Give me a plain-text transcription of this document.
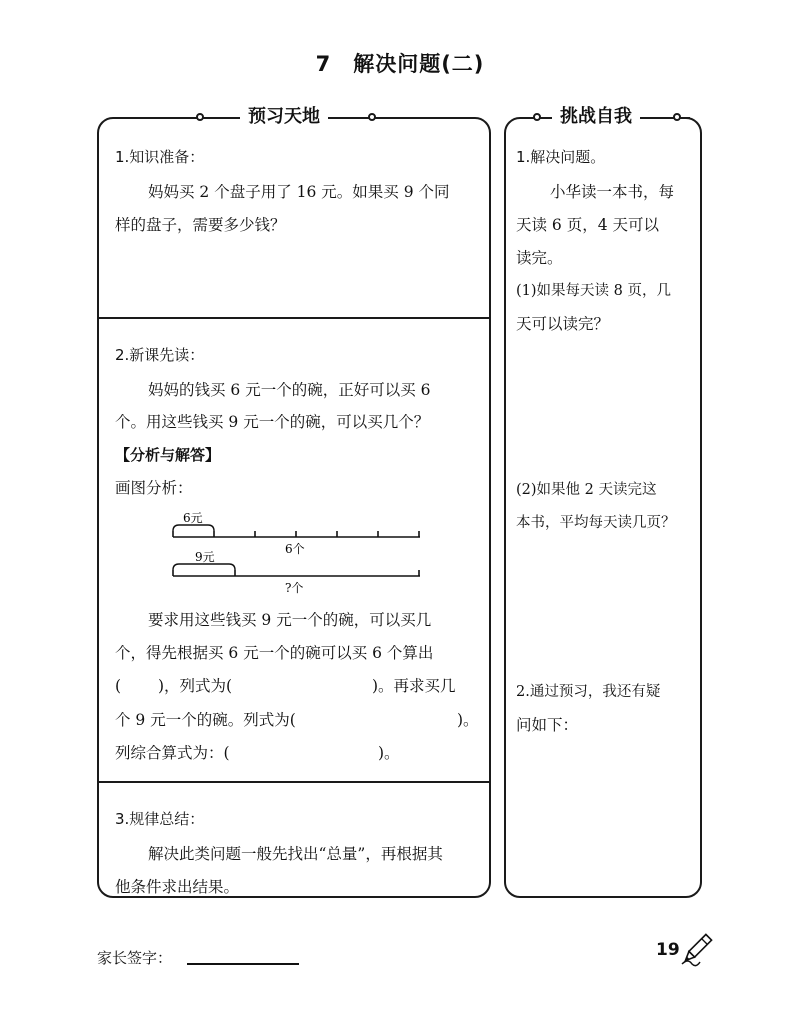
7 解决问题(二)
预习天地	挑战自我
1.知识准备：
妈妈买 2 个盘子用了 16 元。如果买 9 个同
样的盘子，需要多少钱？
2.新课先读：
妈妈的钱买 6 元一个的碗，正好可以买 6
个。用这些钱买 9 元一个的碗，可以买几个？
【分析与解答】
画图分析：
6元
6个
9元
?个
要求用这些钱买 9 元一个的碗，可以买几
个，得先根据买 6 元一个的碗可以买 6 个算出
( )，列式为(	)。再求买几
个 9 元一个的碗。列式为(	)。
列综合算式为：(	)。
3.规律总结：
解决此类问题一般先找出“总量”，再根据其
他条件求出结果。
1.解决问题。
小华读一本书，每
天读 6 页，4 天可以
读完。
(1)如果每天读 8 页，几
天可以读完？
(2)如果他 2 天读完这
本书，平均每天读几页？
2.通过预习，我还有疑
问如下：
家长签字：	19
